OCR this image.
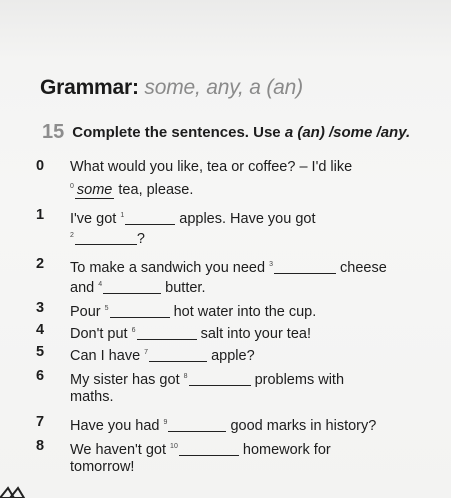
Grammar: some, any, a (an)
15 Complete the sentences. Use a (an) /some /any.
0 What would you like, tea or coffee? – I'd like
$^0$ some tea, please.
1 I've got $^1$	apples. Have you got
$^2$	?
2 To make a sandwich you need $^3$	cheese
and $^4$	butter.
3 Pour $^5$	hot water into the cup.
4 Don't put $^6$	salt into your tea!
5 Can I have $^7$	apple?
6 My sister has got $^8$	problems with
maths.
7 Have you had $^9$	good marks in history?
8 We haven't got $^{10}$	homework for
tomorrow!
